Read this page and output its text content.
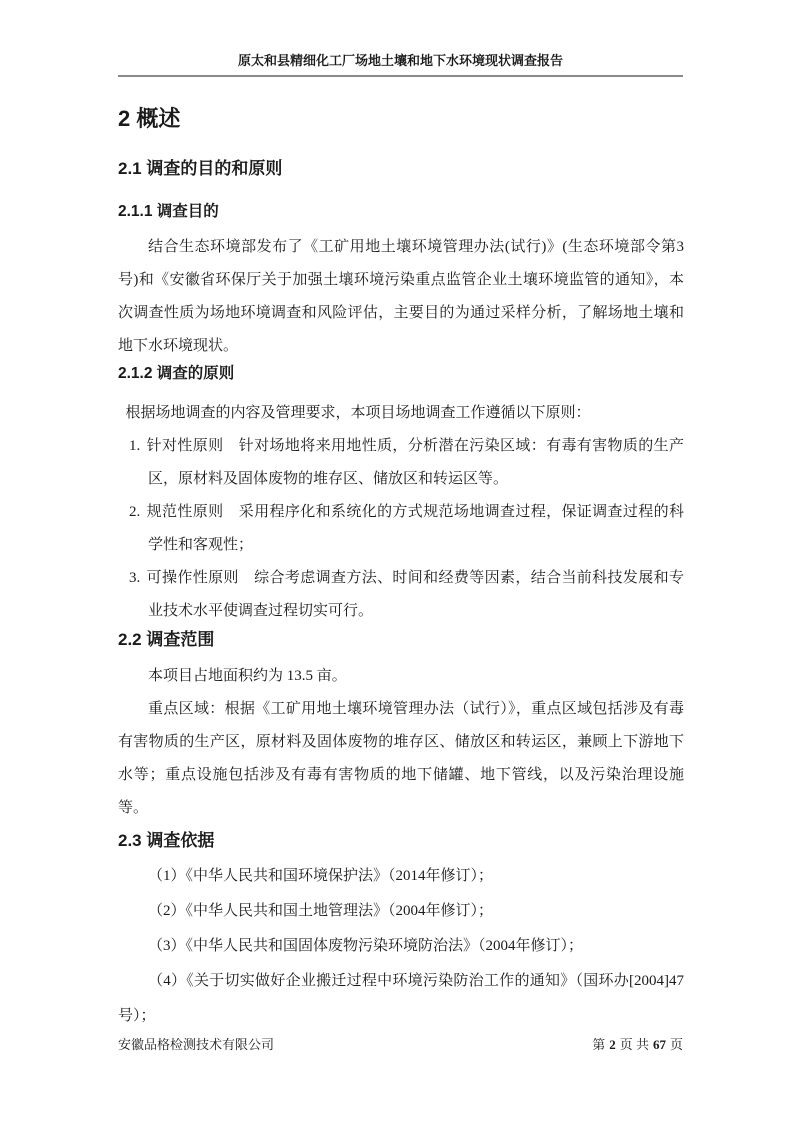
原太和县精细化工厂场地土壤和地下水环境现状调查报告
2 概述
2.1 调查的目的和原则
2.1.1 调查目的

结合生态环境部发布了《工矿用地土壤环境管理办法(试行)》(生态环境部令第3号)和《安徽省环保厅关于加强土壤环境污染重点监管企业土壤环境监管的通知》，本次调查性质为场地环境调查和风险评估，主要目的为通过采样分析，了解场地土壤和地下水环境现状。

2.1.2 调查的原则

根据场地调查的内容及管理要求，本项目场地调查工作遵循以下原则：

1. 针对性原则　针对场地将来用地性质，分析潜在污染区域：有毒有害物质的生产区，原材料及固体废物的堆存区、储放区和转运区等。

2. 规范性原则　采用程序化和系统化的方式规范场地调查过程，保证调查过程的科学性和客观性；

3. 可操作性原则　综合考虑调查方法、时间和经费等因素，结合当前科技发展和专业技术水平使调查过程切实可行。

2.2 调查范围

本项目占地面积约为 13.5 亩。

重点区域：根据《工矿用地土壤环境管理办法（试行）》，重点区域包括涉及有毒有害物质的生产区，原材料及固体废物的堆存区、储放区和转运区，兼顾上下游地下水等；重点设施包括涉及有毒有害物质的地下储罐、地下管线，以及污染治理设施等。

2.3 调查依据

（1）《中华人民共和国环境保护法》（2014年修订）；

（2）《中华人民共和国土地管理法》（2004年修订）；

（3）《中华人民共和国固体废物污染环境防治法》（2004年修订）；

（4）《关于切实做好企业搬迁过程中环境污染防治工作的通知》（国环办[2004]47号）；

安徽品格检测技术有限公司	第 2 页 共 67 页
